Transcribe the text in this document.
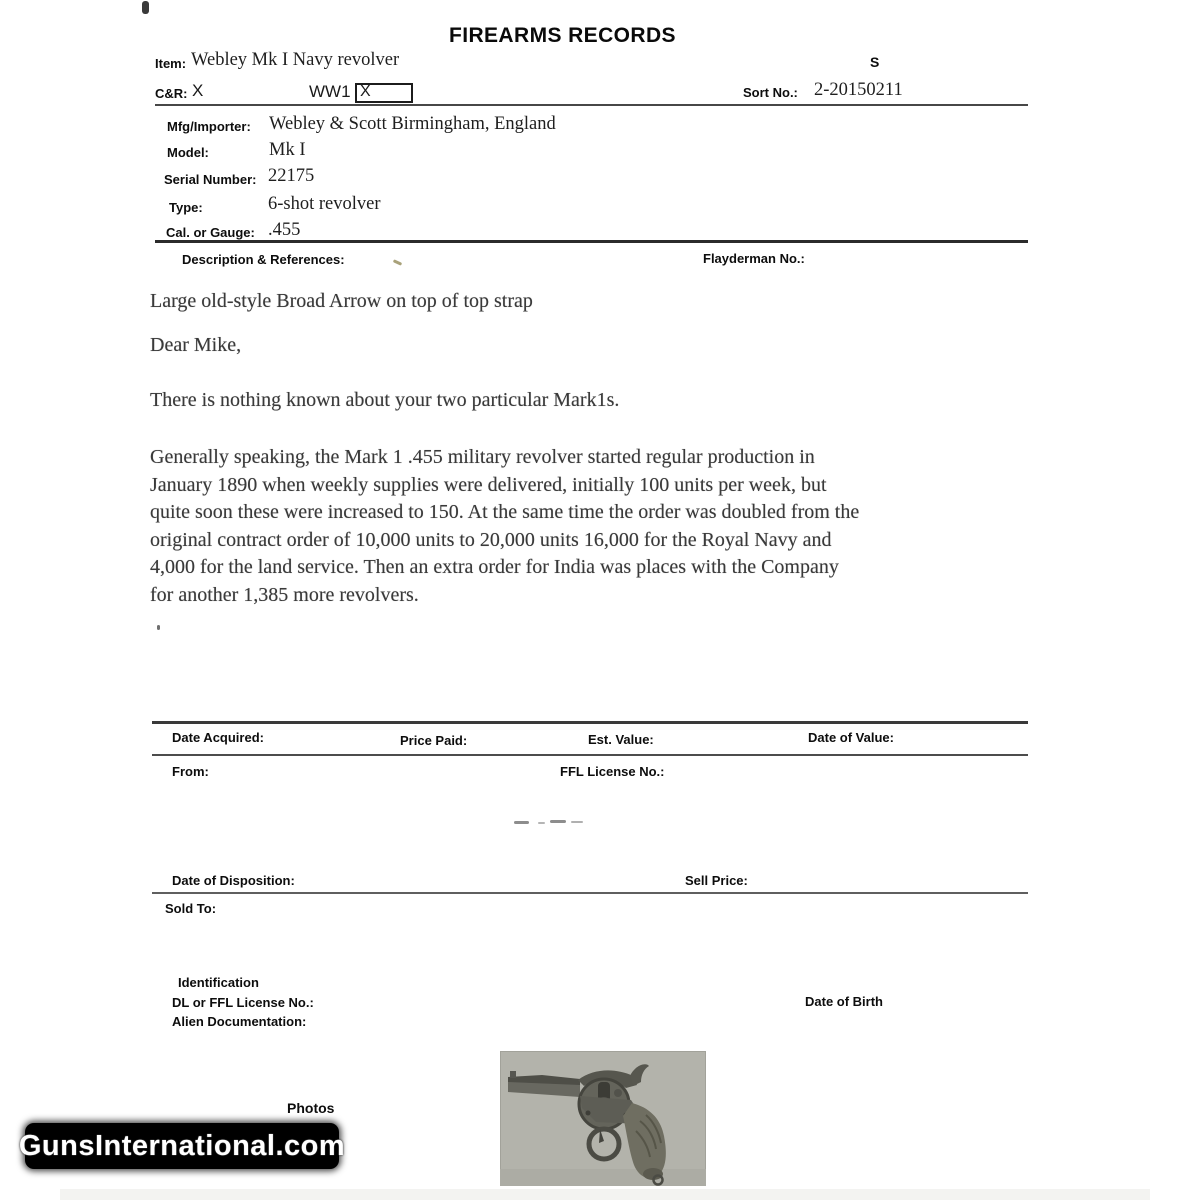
FIREARMS RECORDS
Item: Webley Mk I Navy revolver	S
C&R: X	WW1 X	Sort No.: 2-20150211
Mfg/Importer: Webley & Scott Birmingham, England
Model:	Mk I
Serial Number: 22175
Type:	6-shot revolver
Cal. or Gauge: .455
Description & References:	Flayderman No.:
Large old-style Broad Arrow on top of top strap
Dear Mike,
There is nothing known about your two particular Mark1s.
Generally speaking, the Mark 1 .455 military revolver started regular production in
January 1890 when weekly supplies were delivered, initially 100 units per week, but
quite soon these were increased to 150. At the same time the order was doubled from the
original contract order of 10,000 units to 20,000 units 16,000 for the Royal Navy and
4,000 for the land service. Then an extra order for India was places with the Company
for another 1,385 more revolvers.
Date Acquired:	Price Paid:	Est. Value:	Date of Value:
From:	FFL License No.:
Date of Disposition:	Sell Price:
Sold To:
Identification
DL or FFL License No.:	Date of Birth
Alien Documentation:
Photos
GunsInternational.com
